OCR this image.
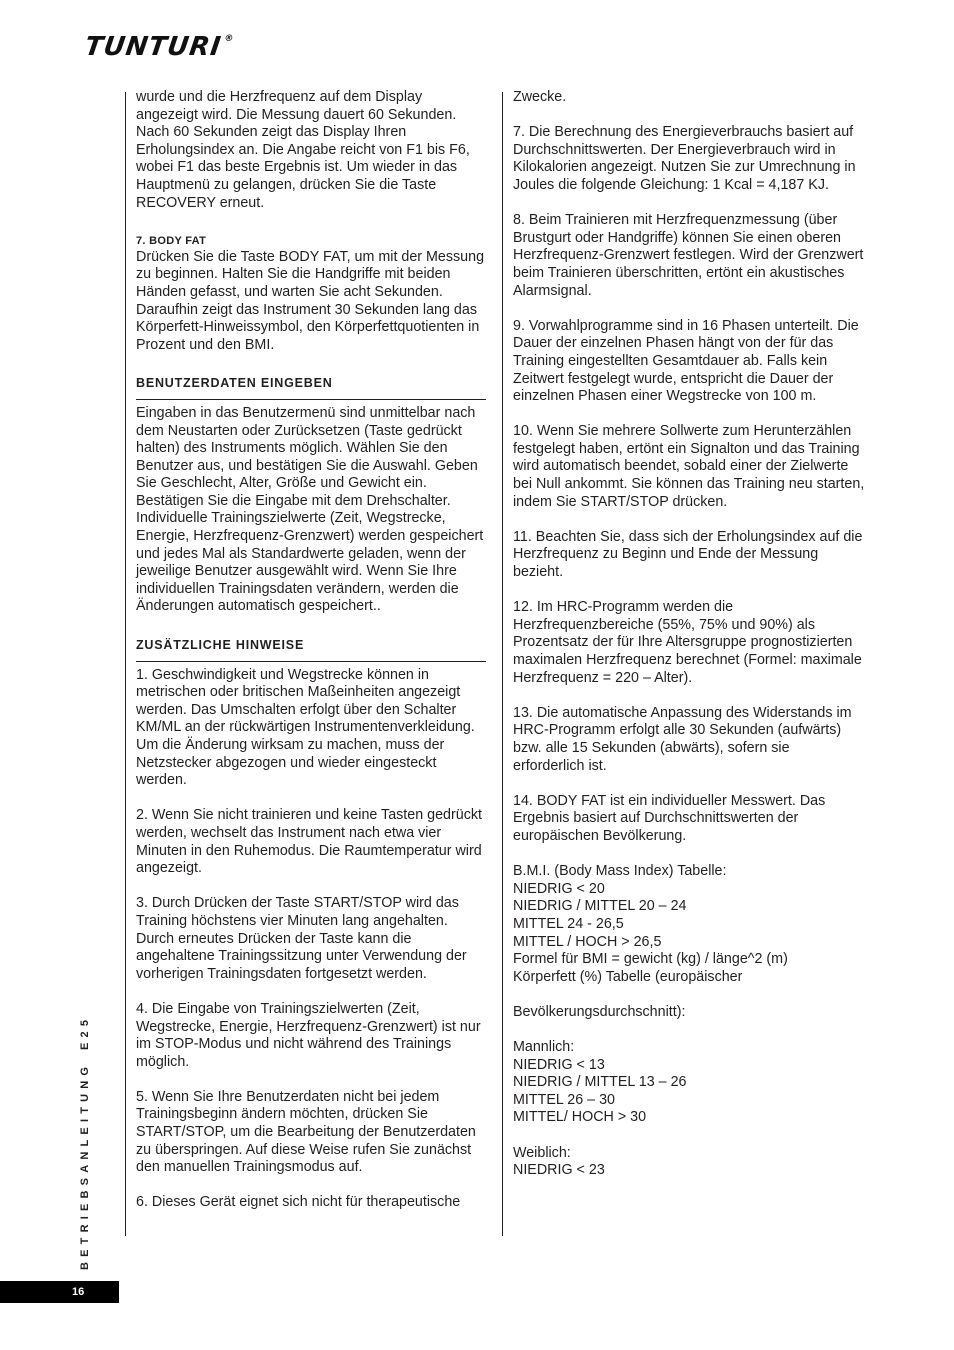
TUNTURI®

wurde und die Herzfrequenz auf dem Display angezeigt wird. Die Messung dauert 60 Sekunden. Nach 60 Sekunden zeigt das Display Ihren Erholungsindex an. Die Angabe reicht von F1 bis F6, wobei F1 das beste Ergebnis ist. Um wieder in das Hauptmenü zu gelangen, drücken Sie die Taste RECOVERY erneut.

7. BODY FAT

Drücken Sie die Taste BODY FAT, um mit der Messung zu beginnen. Halten Sie die Handgriffe mit beiden Händen gefasst, und warten Sie acht Sekunden. Daraufhin zeigt das Instrument 30 Sekunden lang das Körperfett-Hinweissymbol, den Körperfettquotienten in Prozent und den BMI.

BENUTZERDATEN EINGEBEN

Eingaben in das Benutzermenü sind unmittelbar nach dem Neustarten oder Zurücksetzen (Taste gedrückt halten) des Instruments möglich. Wählen Sie den Benutzer aus, und bestätigen Sie die Auswahl. Geben Sie Geschlecht, Alter, Größe und Gewicht ein. Bestätigen Sie die Eingabe mit dem Drehschalter. Individuelle Trainingszielwerte (Zeit, Wegstrecke, Energie, Herzfrequenz-Grenzwert) werden gespeichert und jedes Mal als Standardwerte geladen, wenn der jeweilige Benutzer ausgewählt wird. Wenn Sie Ihre individuellen Trainingsdaten verändern, werden die Änderungen automatisch gespeichert..

ZUSÄTZLICHE HINWEISE

1. Geschwindigkeit und Wegstrecke können in metrischen oder britischen Maßeinheiten angezeigt werden. Das Umschalten erfolgt über den Schalter KM/ML an der rückwärtigen Instrumentenverkleidung. Um die Änderung wirksam zu machen, muss der Netzstecker abgezogen und wieder eingesteckt werden.

2. Wenn Sie nicht trainieren und keine Tasten gedrückt werden, wechselt das Instrument nach etwa vier Minuten in den Ruhemodus. Die Raumtemperatur wird angezeigt.

3. Durch Drücken der Taste START/STOP wird das Training höchstens vier Minuten lang angehalten. Durch erneutes Drücken der Taste kann die angehaltene Trainingssitzung unter Verwendung der vorherigen Trainingsdaten fortgesetzt werden.

4. Die Eingabe von Trainingszielwerten (Zeit, Wegstrecke, Energie, Herzfrequenz-Grenzwert) ist nur im STOP-Modus und nicht während des Trainings möglich.

5. Wenn Sie Ihre Benutzerdaten nicht bei jedem Trainingsbeginn ändern möchten, drücken Sie START/STOP, um die Bearbeitung der Benutzerdaten zu überspringen. Auf diese Weise rufen Sie zunächst den manuellen Trainingsmodus auf.

6. Dieses Gerät eignet sich nicht für therapeutische

Zwecke.

7. Die Berechnung des Energieverbrauchs basiert auf Durchschnittswerten. Der Energieverbrauch wird in Kilokalorien angezeigt. Nutzen Sie zur Umrechnung in Joules die folgende Gleichung: 1 Kcal = 4,187 KJ.

8. Beim Trainieren mit Herzfrequenzmessung (über Brustgurt oder Handgriffe) können Sie einen oberen Herzfrequenz-Grenzwert festlegen. Wird der Grenzwert beim Trainieren überschritten, ertönt ein akustisches Alarmsignal.

9. Vorwahlprogramme sind in 16 Phasen unterteilt. Die Dauer der einzelnen Phasen hängt von der für das Training eingestellten Gesamtdauer ab. Falls kein Zeitwert festgelegt wurde, entspricht die Dauer der einzelnen Phasen einer Wegstrecke von 100 m.

10. Wenn Sie mehrere Sollwerte zum Herunterzählen festgelegt haben, ertönt ein Signalton und das Training wird automatisch beendet, sobald einer der Zielwerte bei Null ankommt. Sie können das Training neu starten, indem Sie START/STOP drücken.

11. Beachten Sie, dass sich der Erholungsindex auf die Herzfrequenz zu Beginn und Ende der Messung bezieht.

12. Im HRC-Programm werden die Herzfrequenzbereiche (55%, 75% und 90%) als Prozentsatz der für Ihre Altersgruppe prognostizierten maximalen Herzfrequenz berechnet (Formel: maximale Herzfrequenz = 220 – Alter).

13. Die automatische Anpassung des Widerstands im HRC-Programm erfolgt alle 30 Sekunden (aufwärts) bzw. alle 15 Sekunden (abwärts), sofern sie erforderlich ist.

14. BODY FAT ist ein individueller Messwert. Das Ergebnis basiert auf Durchschnittswerten der europäischen Bevölkerung.

B.M.I. (Body Mass Index) Tabelle:

NIEDRIG < 20

NIEDRIG / MITTEL 20 – 24

MITTEL 24 - 26,5

MITTEL / HOCH > 26,5

Formel für BMI = gewicht (kg) / länge^2 (m)

Körperfett (%) Tabelle (europäischer

Bevölkerungsdurchschnitt):

Mannlich:

NIEDRIG < 13

NIEDRIG / MITTEL 13 – 26

MITTEL 26 – 30

MITTEL/ HOCH > 30

Weiblich:

NIEDRIG < 23

BETRIEBSANLEITUNG
E25
16
